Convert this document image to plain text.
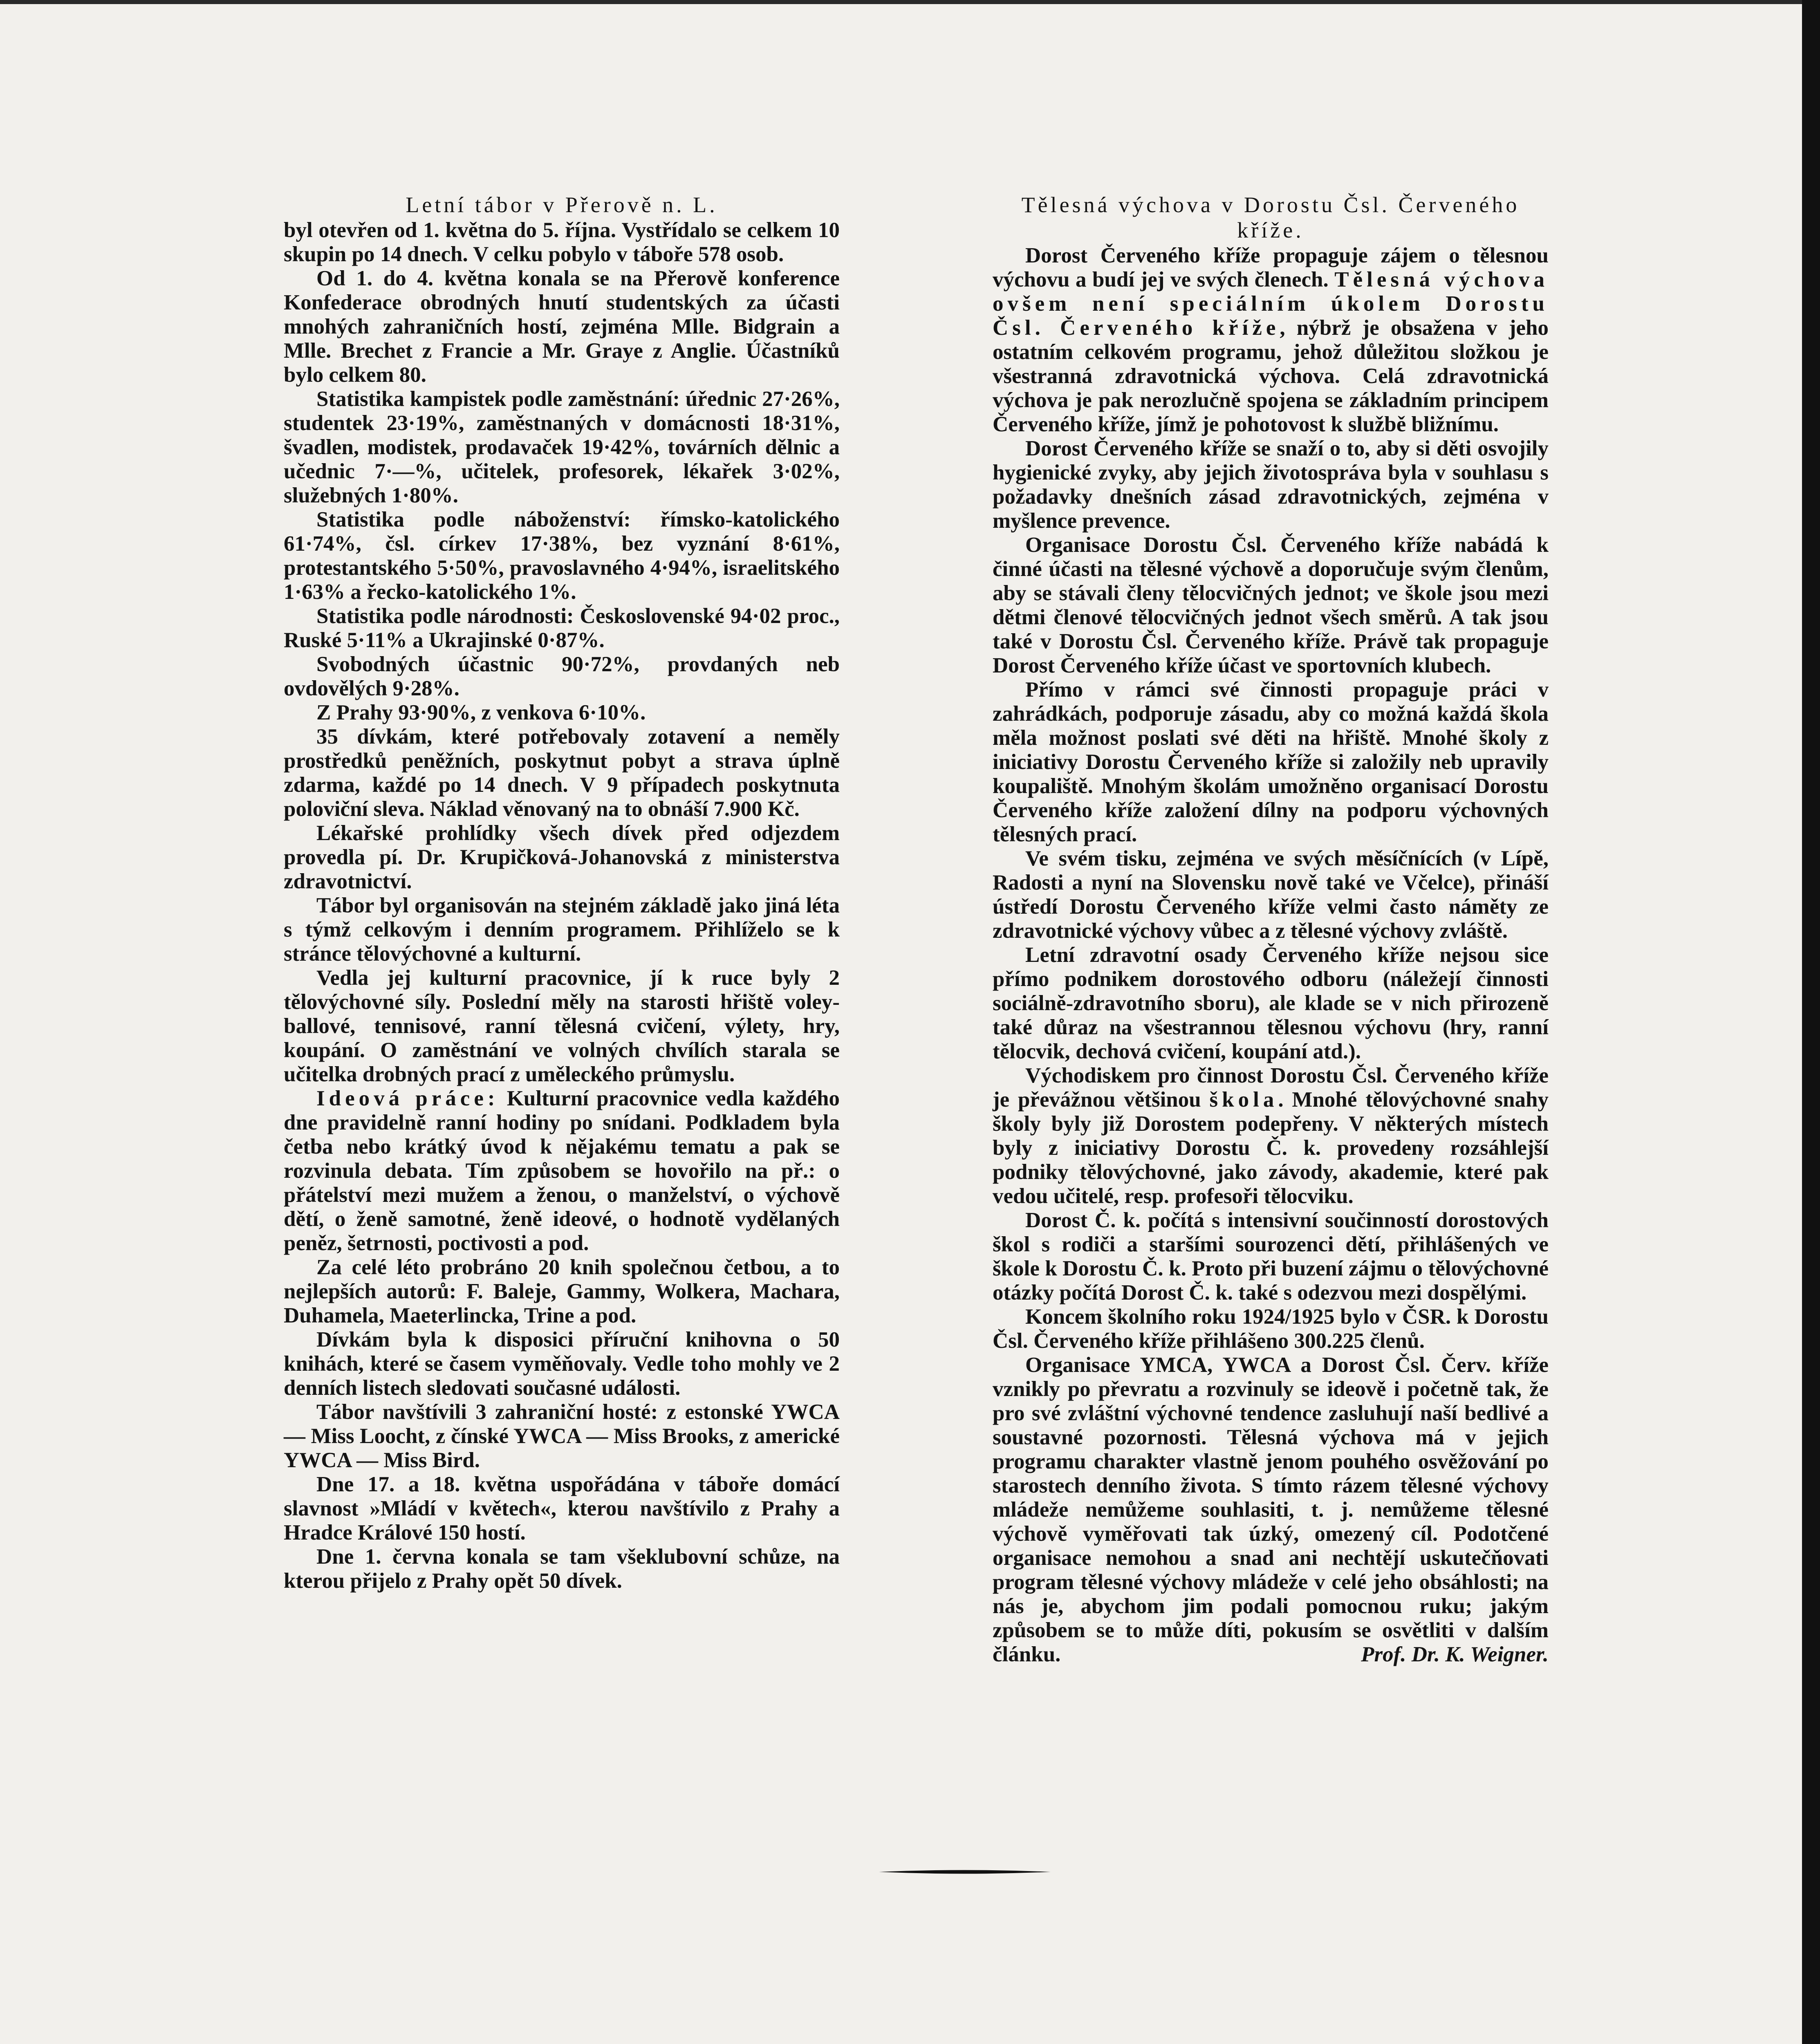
Letní tábor v Přerově n. L.

byl otevřen od 1. května do 5. října. Vystřídalo se celkem 10 skupin po 14 dnech. V celku pobylo v táboře 578 osob.

Od 1. do 4. května konala se na Přerově konference Konfederace obrodných hnutí studentských za účasti mnohých zahraničních hostí, zejména Mlle. Bidgrain a Mlle. Brechet z Francie a Mr. Graye z Anglie. Účastníků bylo celkem 80.

Statistika kampistek podle zaměstnání: úřednic 27·26%, studentek 23·19%, zaměstnaných v domácnosti 18·31%, švadlen, modistek, prodavaček 19·42%, továrních dělnic a učednic 7·—%, učitelek, profesorek, lékařek 3·02%, služebných 1·80%.

Statistika podle náboženství: římsko-katolického 61·74%, čsl. církev 17·38%, bez vyznání 8·61%, protestantského 5·50%, pravoslavného 4·94%, israelitského 1·63% a řecko-katolického 1%.

Statistika podle národnosti: Československé 94·02 proc., Ruské 5·11% a Ukrajinské 0·87%.

Svobodných účastnic 90·72%, provdaných neb ovdovělých 9·28%.

Z Prahy 93·90%, z venkova 6·10%.

35 dívkám, které potřebovaly zotavení a neměly prostředků peněžních, poskytnut pobyt a strava úplně zdarma, každé po 14 dnech. V 9 případech poskytnuta poloviční sleva. Náklad věnovaný na to obnáší 7.900 Kč.

Lékařské prohlídky všech dívek před odjezdem provedla pí. Dr. Krupičková-Johanovská z ministerstva zdravotnictví.

Tábor byl organisován na stejném základě jako jiná léta s týmž celkovým i denním programem. Přihlíželo se k stránce tělovýchovné a kulturní.

Vedla jej kulturní pracovnice, jí k ruce byly 2 tělovýchovné síly. Poslední měly na starosti hřiště voley-ballové, tennisové, ranní tělesná cvičení, výlety, hry, koupání. O zaměstnání ve volných chvílích starala se učitelka drobných prací z uměleckého průmyslu.

Ideová práce: Kulturní pracovnice vedla každého dne pravidelně ranní hodiny po snídani. Podkladem byla četba nebo krátký úvod k nějakému tematu a pak se rozvinula debata. Tím způsobem se hovořilo na př.: o přátelství mezi mužem a ženou, o manželství, o výchově dětí, o ženě samotné, ženě ideové, o hodnotě vydělaných peněz, šetrnosti, poctivosti a pod.

Za celé léto probráno 20 knih společnou četbou, a to nejlepších autorů: F. Baleje, Gammy, Wolkera, Machara, Duhamela, Maeterlincka, Trine a pod.

Dívkám byla k disposici příruční knihovna o 50 knihách, které se časem vyměňovaly. Vedle toho mohly ve 2 denních listech sledovati současné události.

Tábor navštívili 3 zahraniční hosté: z estonské YWCA — Miss Loocht, z čínské YWCA — Miss Brooks, z americké YWCA — Miss Bird.

Dne 17. a 18. května uspořádána v táboře domácí slavnost »Mládí v květech«, kterou navštívilo z Prahy a Hradce Králové 150 hostí.

Dne 1. června konala se tam všeklubovní schůze, na kterou přijelo z Prahy opět 50 dívek.

Tělesná výchova v Dorostu Čsl. Červeného kříže.

Dorost Červeného kříže propaguje zájem o tělesnou výchovu a budí jej ve svých členech. Tělesná výchova ovšem není speciálním úkolem Dorostu Čsl. Červeného kříže, nýbrž je obsažena v jeho ostatním celkovém programu, jehož důležitou složkou je všestranná zdravotnická výchova. Celá zdravotnická výchova je pak nerozlučně spojena se základním principem Červeného kříže, jímž je pohotovost k službě bližnímu.

Dorost Červeného kříže se snaží o to, aby si děti osvojily hygienické zvyky, aby jejich životospráva byla v souhlasu s požadavky dnešních zásad zdravotnických, zejména v myšlence prevence.

Organisace Dorostu Čsl. Červeného kříže nabádá k činné účasti na tělesné výchově a doporučuje svým členům, aby se stávali členy tělocvičných jednot; ve škole jsou mezi dětmi členové tělocvičných jednot všech směrů. A tak jsou také v Dorostu Čsl. Červeného kříže. Právě tak propaguje Dorost Červeného kříže účast ve sportovních klubech.

Přímo v rámci své činnosti propaguje práci v zahrádkách, podporuje zásadu, aby co možná každá škola měla možnost poslati své děti na hřiště. Mnohé školy z iniciativy Dorostu Červeného kříže si založily neb upravily koupaliště. Mnohým školám umožněno organisací Dorostu Červeného kříže založení dílny na podporu výchovných tělesných prací.

Ve svém tisku, zejména ve svých měsíčnících (v Lípě, Radosti a nyní na Slovensku nově také ve Včelce), přináší ústředí Dorostu Červeného kříže velmi často náměty ze zdravotnické výchovy vůbec a z tělesné výchovy zvláště.

Letní zdravotní osady Červeného kříže nejsou sice přímo podnikem dorostového odboru (náležejí činnosti sociálně-zdravotního sboru), ale klade se v nich přirozeně také důraz na všestrannou tělesnou výchovu (hry, ranní tělocvik, dechová cvičení, koupání atd.).

Východiskem pro činnost Dorostu Čsl. Červeného kříže je převážnou většinou škola. Mnohé tělovýchovné snahy školy byly již Dorostem podepřeny. V některých místech byly z iniciativy Dorostu Č. k. provedeny rozsáhlejší podniky tělovýchovné, jako závody, akademie, které pak vedou učitelé, resp. profesoři tělocviku.

Dorost Č. k. počítá s intensivní součinností dorostových škol s rodiči a staršími sourozenci dětí, přihlášených ve škole k Dorostu Č. k. Proto při buzení zájmu o tělovýchovné otázky počítá Dorost Č. k. také s odezvou mezi dospělými.

Koncem školního roku 1924/1925 bylo v ČSR. k Dorostu Čsl. Červeného kříže přihlášeno 300.225 členů.

Organisace YMCA, YWCA a Dorost Čsl. Červ. kříže vznikly po převratu a rozvinuly se ideově i početně tak, že pro své zvláštní výchovné tendence zasluhují naší bedlivé a soustavné pozornosti. Tělesná výchova má v jejich programu charakter vlastně jenom pouhého osvěžování po starostech denního života. S tímto rázem tělesné výchovy mládeže nemůžeme souhlasiti, t. j. nemůžeme tělesné výchově vyměřovati tak úzký, omezený cíl. Podotčené organisace nemohou a snad ani nechtějí uskutečňovati program tělesné výchovy mládeže v celé jeho obsáhlosti; na nás je, abychom jim podali pomocnou ruku; jakým způsobem se to může díti, pokusím se osvětliti v dalším článku.	Prof. Dr. K. Weigner.
